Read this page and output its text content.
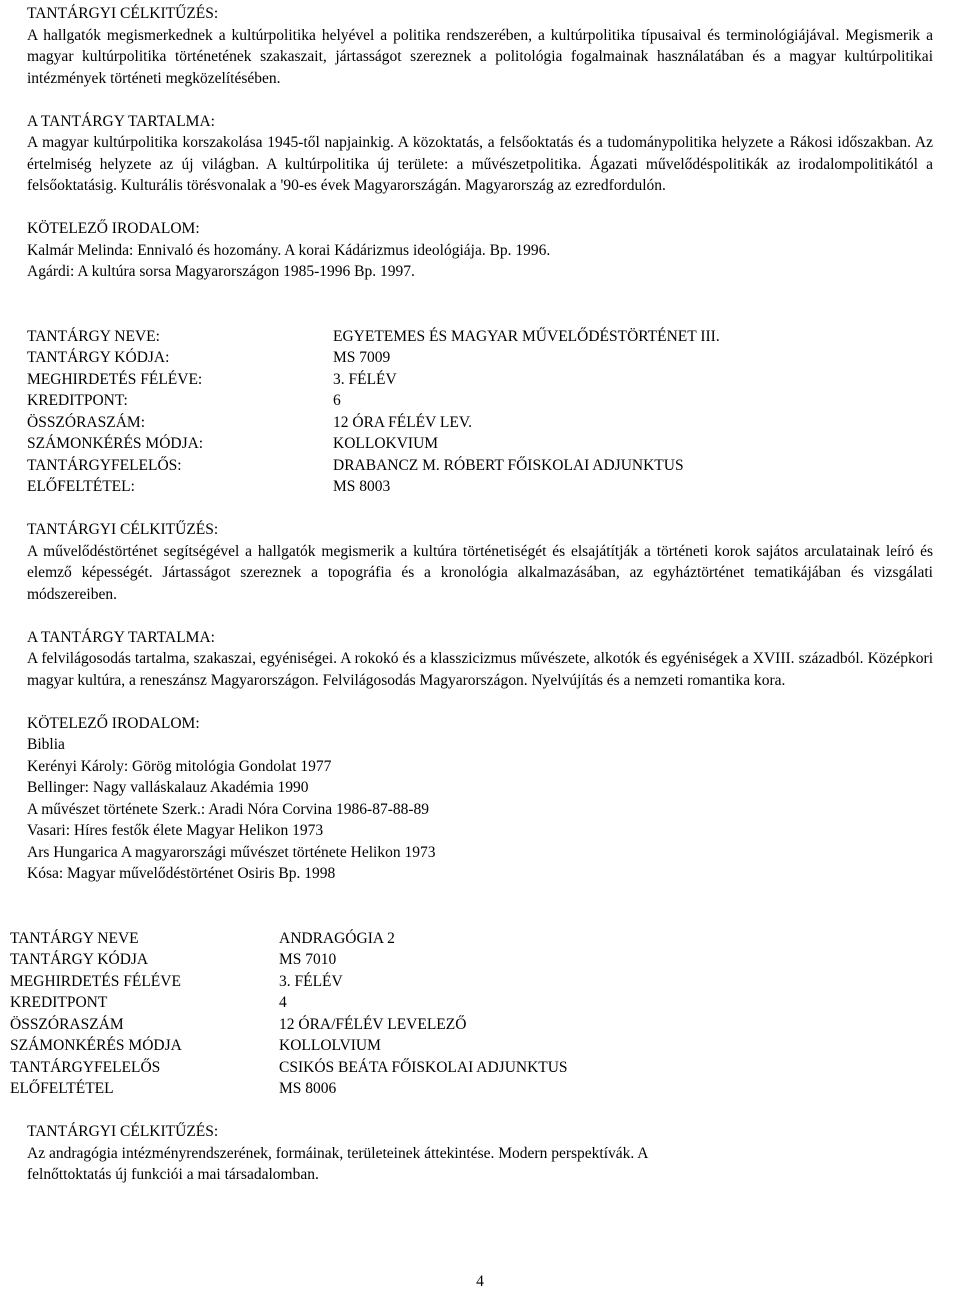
TANTÁRGYI CÉLKITŰZÉS:

A hallgatók megismerkednek a kultúrpolitika helyével a politika rendszerében, a kultúrpolitika típusaival és terminológiájával. Megismerik a magyar kultúrpolitika történetének szakaszait, jártasságot szereznek a politológia fogalmainak használatában és a magyar kultúrpolitikai intézmények történeti megközelítésében.

A TANTÁRGY TARTALMA:

A magyar kultúrpolitika korszakolása 1945-től napjainkig. A közoktatás, a felsőoktatás és a tudománypolitika helyzete a Rákosi időszakban. Az értelmiség helyzete az új világban. A kultúrpolitika új területe: a művészetpolitika. Ágazati művelődéspolitikák az irodalompolitikától a felsőoktatásig. Kulturális törésvonalak a '90-es évek Magyarországán. Magyarország az ezredfordulón.

KÖTELEZŐ IRODALOM:

Kalmár Melinda: Ennivaló és hozomány. A korai Kádárizmus ideológiája. Bp. 1996.

Agárdi: A kultúra sorsa Magyarországon 1985-1996 Bp. 1997.

TANTÁRGY NEVE:	EGYETEMES ÉS MAGYAR MŰVELŐDÉSTÖRTÉNET III.
TANTÁRGY KÓDJA:	MS 7009
MEGHIRDETÉS FÉLÉVE:	3. FÉLÉV
KREDITPONT:	6
ÖSSZÓRASZÁM:	12 ÓRA FÉLÉV LEV.
SZÁMONKÉRÉS MÓDJA:	KOLLOKVIUM
TANTÁRGYFELELŐS:	DRABANCZ M. RÓBERT FŐISKOLAI ADJUNKTUS
ELŐFELTÉTEL:	MS 8003

TANTÁRGYI CÉLKITŰZÉS:

A művelődéstörténet segítségével a hallgatók megismerik a kultúra történetiségét és elsajátítják a történeti korok sajátos arculatainak leíró és elemző képességét. Jártasságot szereznek a topográfia és a kronológia alkalmazásában, az egyháztörténet tematikájában és vizsgálati módszereiben.

A TANTÁRGY TARTALMA:

A felvilágosodás tartalma, szakaszai, egyéniségei. A rokokó és a klasszicizmus művészete, alkotók és egyéniségek a XVIII. századból. Középkori magyar kultúra, a reneszánsz Magyarországon. Felvilágosodás Magyarországon. Nyelvújítás és a nemzeti romantika kora.

KÖTELEZŐ IRODALOM:

Biblia

Kerényi Károly: Görög mitológia Gondolat 1977

Bellinger: Nagy valláskalauz Akadémia 1990

A művészet története Szerk.: Aradi Nóra Corvina 1986-87-88-89

Vasari: Híres festők élete Magyar Helikon 1973

Ars Hungarica A magyarországi művészet története Helikon 1973

Kósa: Magyar művelődéstörténet Osiris Bp. 1998

TANTÁRGY NEVE	ANDRAGÓGIA 2
TANTÁRGY KÓDJA	MS 7010
MEGHIRDETÉS FÉLÉVE	3. FÉLÉV
KREDITPONT	4
ÖSSZÓRASZÁM	12 ÓRA/FÉLÉV LEVELEZŐ
SZÁMONKÉRÉS MÓDJA	KOLLOLVIUM
TANTÁRGYFELELŐS	CSIKÓS BEÁTA FŐISKOLAI ADJUNKTUS
ELŐFELTÉTEL	MS 8006

TANTÁRGYI CÉLKITŰZÉS:

Az andragógia intézményrendszerének, formáinak, területeinek áttekintése. Modern perspektívák. A

felnőttoktatás új funkciói a mai társadalomban.

4
